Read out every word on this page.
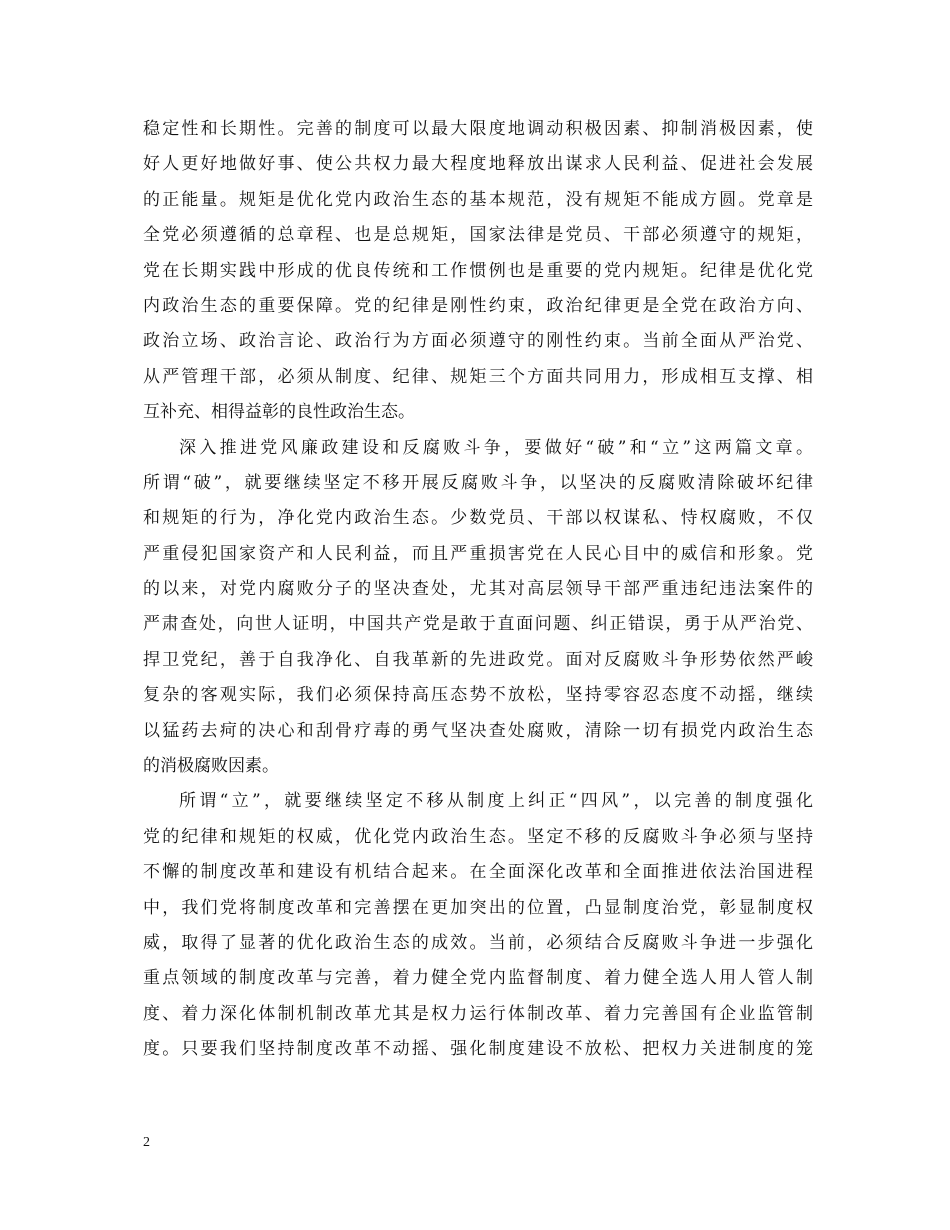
稳定性和长期性。完善的制度可以最大限度地调动积极因素、抑制消极因素，使
好人更好地做好事、使公共权力最大程度地释放出谋求人民利益、促进社会发展
的正能量。规矩是优化党内政治生态的基本规范，没有规矩不能成方圆。党章是
全党必须遵循的总章程、也是总规矩，国家法律是党员、干部必须遵守的规矩，
党在长期实践中形成的优良传统和工作惯例也是重要的党内规矩。纪律是优化党
内政治生态的重要保障。党的纪律是刚性约束，政治纪律更是全党在政治方向、
政治立场、政治言论、政治行为方面必须遵守的刚性约束。当前全面从严治党、
从严管理干部，必须从制度、纪律、规矩三个方面共同用力，形成相互支撑、相
互补充、相得益彰的良性政治生态。
深入推进党风廉政建设和反腐败斗争，要做好“破”和“立”这两篇文章。
所谓“破”，就要继续坚定不移开展反腐败斗争，以坚决的反腐败清除破坏纪律
和规矩的行为，净化党内政治生态。少数党员、干部以权谋私、恃权腐败，不仅
严重侵犯国家资产和人民利益，而且严重损害党在人民心目中的威信和形象。党
的以来，对党内腐败分子的坚决查处，尤其对高层领导干部严重违纪违法案件的
严肃查处，向世人证明，中国共产党是敢于直面问题、纠正错误，勇于从严治党、
捍卫党纪，善于自我净化、自我革新的先进政党。面对反腐败斗争形势依然严峻
复杂的客观实际，我们必须保持高压态势不放松，坚持零容忍态度不动摇，继续
以猛药去疴的决心和刮骨疗毒的勇气坚决查处腐败，清除一切有损党内政治生态
的消极腐败因素。
所谓“立”，就要继续坚定不移从制度上纠正“四风”，以完善的制度强化
党的纪律和规矩的权威，优化党内政治生态。坚定不移的反腐败斗争必须与坚持
不懈的制度改革和建设有机结合起来。在全面深化改革和全面推进依法治国进程
中，我们党将制度改革和完善摆在更加突出的位置，凸显制度治党，彰显制度权
威，取得了显著的优化政治生态的成效。当前，必须结合反腐败斗争进一步强化
重点领域的制度改革与完善，着力健全党内监督制度、着力健全选人用人管人制
度、着力深化体制机制改革尤其是权力运行体制改革、着力完善国有企业监管制
度。只要我们坚持制度改革不动摇、强化制度建设不放松、把权力关进制度的笼
2
